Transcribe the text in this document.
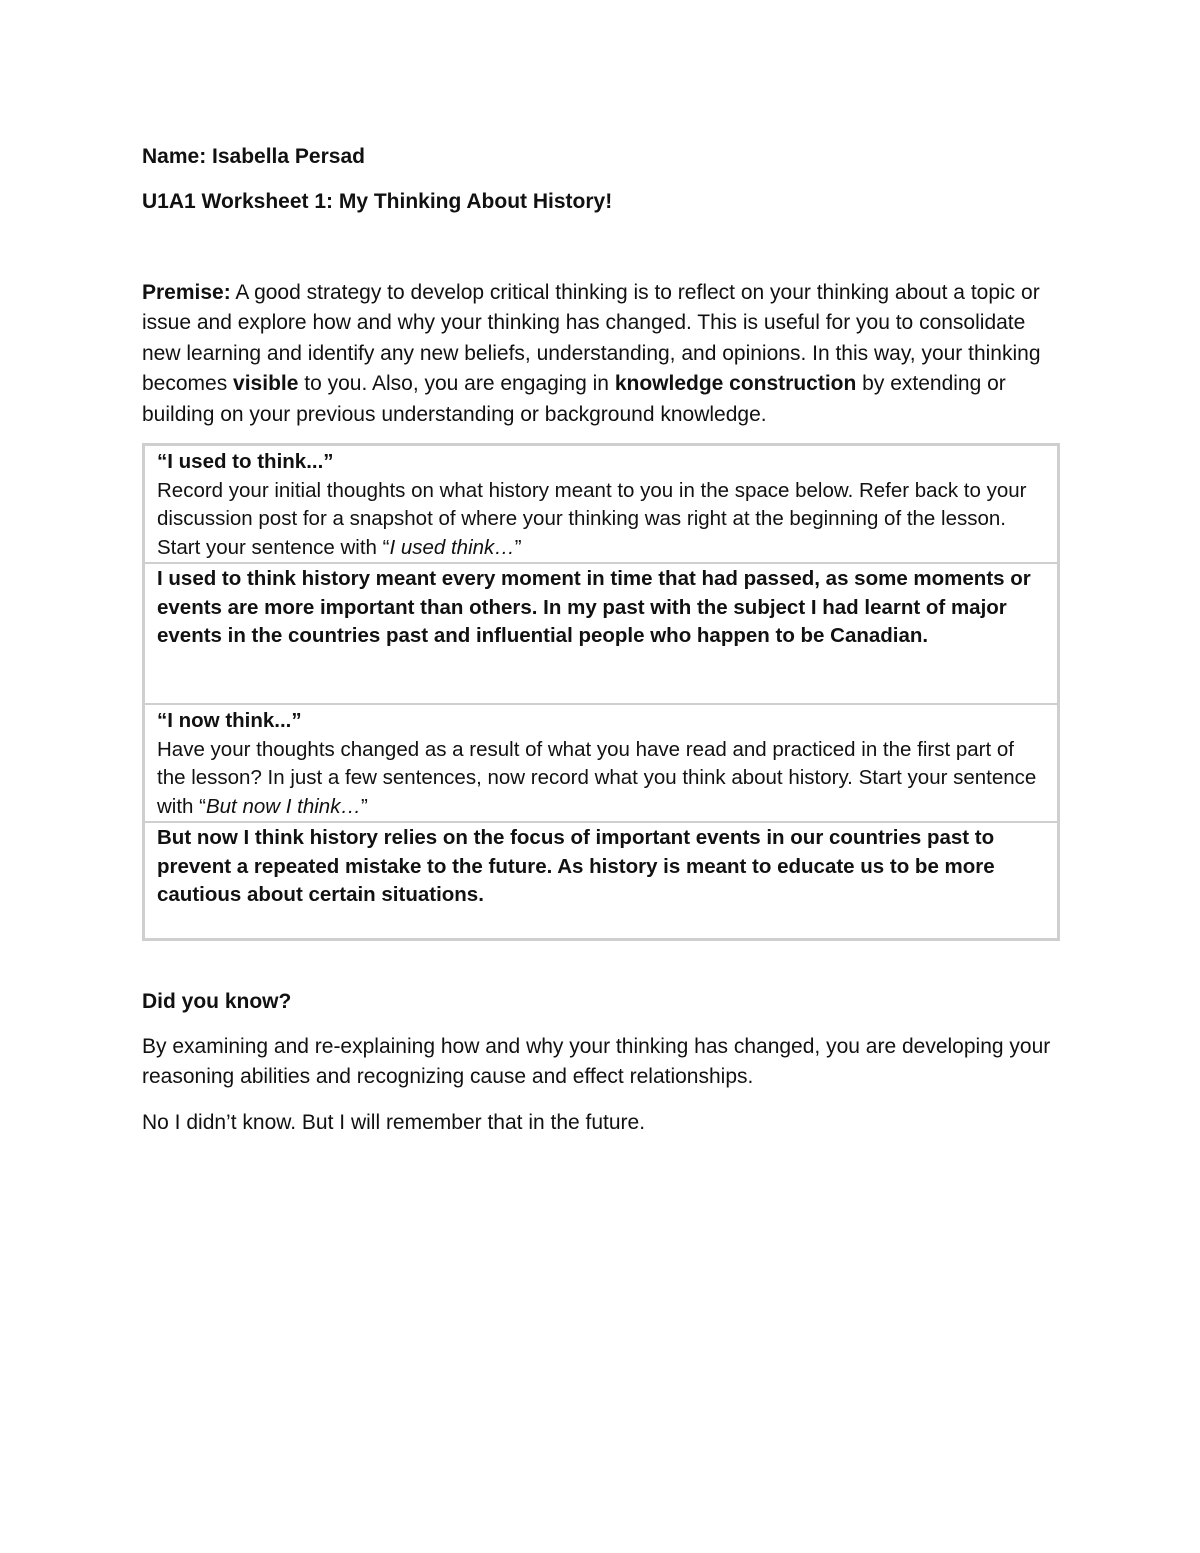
Name: Isabella Persad

U1A1 Worksheet 1: My Thinking About History!

Premise: A good strategy to develop critical thinking is to reflect on your thinking about a topic or issue and explore how and why your thinking has changed. This is useful for you to consolidate new learning and identify any new beliefs, understanding, and opinions. In this way, your thinking becomes visible to you. Also, you are engaging in knowledge construction by extending or building on your previous understanding or background knowledge.

“I used to think...”
Record your initial thoughts on what history meant to you in the space below. Refer back to your discussion post for a snapshot of where your thinking was right at the beginning of the lesson. Start your sentence with “I used think…”
I used to think history meant every moment in time that had passed, as some moments or events are more important than others. In my past with the subject I had learnt of major events in the countries past and influential people who happen to be Canadian.
“I now think...”
Have your thoughts changed as a result of what you have read and practiced in the first part of the lesson? In just a few sentences, now record what you think about history. Start your sentence with “But now I think…”
But now I think history relies on the focus of important events in our countries past to prevent a repeated mistake to the future. As history is meant to educate us to be more cautious about certain situations.

Did you know?

By examining and re-explaining how and why your thinking has changed, you are developing your reasoning abilities and recognizing cause and effect relationships.

No I didn’t know. But I will remember that in the future.
